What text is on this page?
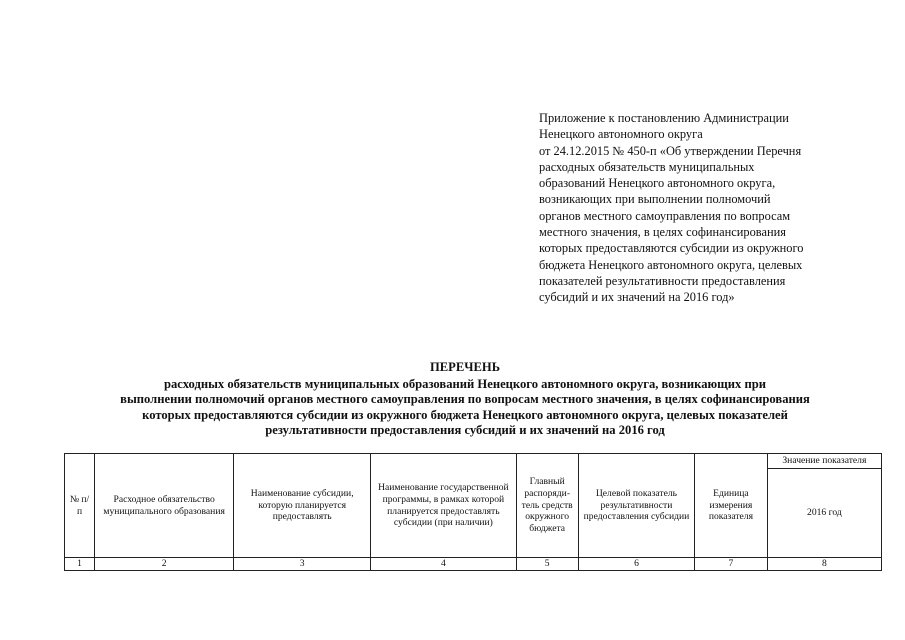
Приложение к постановлению Администрации
Ненецкого автономного округа
от 24.12.2015 № 450-п «Об утверждении Перечня
расходных обязательств муниципальных
образований Ненецкого автономного округа,
возникающих при выполнении полномочий
органов местного самоуправления по вопросам
местного значения, в целях софинансирования
которых предоставляются субсидии из окружного
бюджета Ненецкого автономного округа, целевых
показателей результативности предоставления
субсидий и их значений на 2016 год»
ПЕРЕЧЕНЬ
расходных обязательств муниципальных образований Ненецкого автономного округа, возникающих при
выполнении полномочий органов местного самоуправления по вопросам местного значения, в целях софинансирования
которых предоставляются субсидии из окружного бюджета Ненецкого автономного округа, целевых показателей
результативности предоставления субсидий и их значений на 2016 год
№ п/п	Расходное обязательство муниципального образования	Наименование субсидии, которую планируется предоставлять	Наименование государственной программы, в рамках которой планируется предоставлять субсидии (при наличии)	Главный распоряди-тель средств окружного бюджета	Целевой показатель результативности предоставления субсидии	Единица измерения показателя	Значение показателя
							2016 год
1	2	3	4	5	6	7	8
